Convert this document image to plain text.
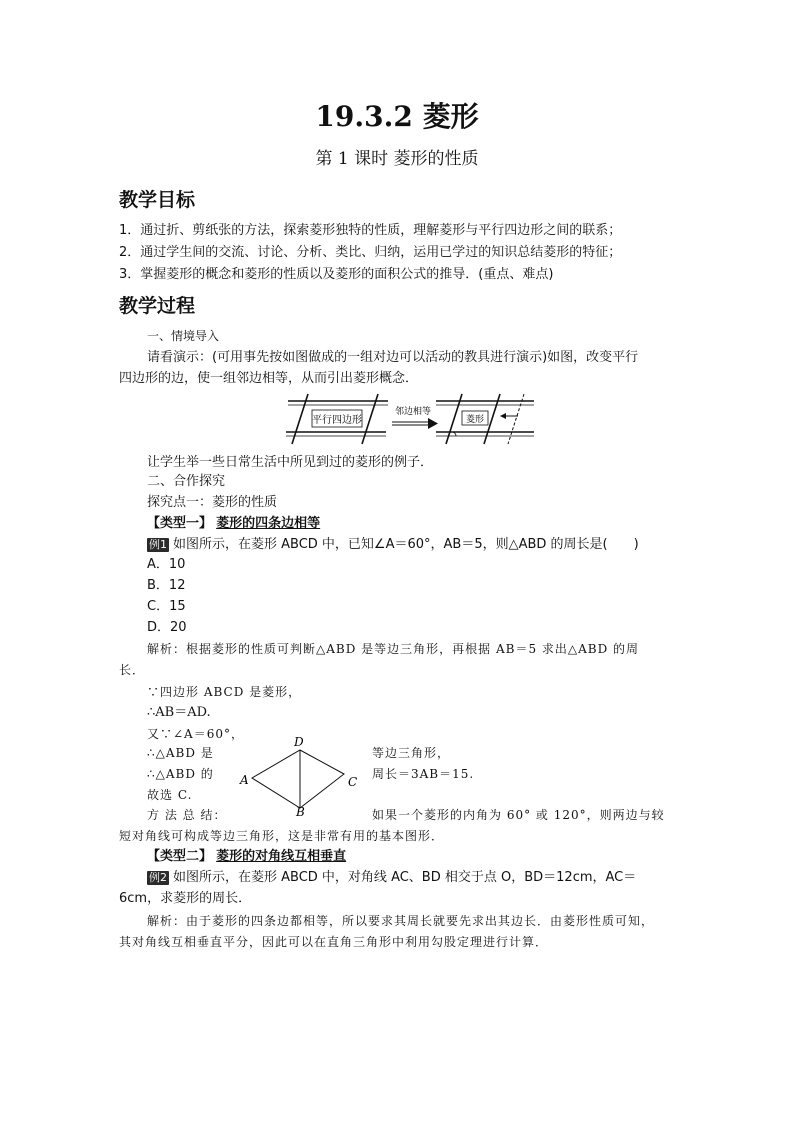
19.3.2 菱形
第 1 课时 菱形的性质
教学目标
1．通过折、剪纸张的方法，探索菱形独特的性质，理解菱形与平行四边形之间的联系；
2．通过学生间的交流、讨论、分析、类比、归纳，运用已学过的知识总结菱形的特征；
3．掌握菱形的概念和菱形的性质以及菱形的面积公式的推导．(重点、难点)
教学过程
一、情境导入
请看演示：(可用事先按如图做成的一组对边可以活动的教具进行演示)如图，改变平行
四边形的边，使一组邻边相等，从而引出菱形概念．
平行四边形
邻边相等
菱形
让学生举一些日常生活中所见到过的菱形的例子．
二、合作探究
探究点一：菱形的性质
【类型一】 菱形的四条边相等
例1 如图所示，在菱形 ABCD 中，已知∠A＝60°，AB＝5，则△ABD 的周长是(　　)
A．10
B．12
C．15
D．20
解析：根据菱形的性质可判断△ABD 是等边三角形，再根据 AB＝5 求出△ABD 的周
长．
∵四边形 ABCD 是菱形，
∴AB＝AD.
又∵∠A＝60°，
∴△ABD 是	等边三角形，
∴△ABD 的	周长＝3AB＝15.
故选 C.
D
A	C
B
方 法 总 结：	如果一个菱形的内角为 60° 或 120°，则两边与较
短对角线可构成等边三角形，这是非常有用的基本图形．
【类型二】 菱形的对角线互相垂直
例2 如图所示，在菱形 ABCD 中，对角线 AC、BD 相交于点 O，BD＝12cm，AC＝
6cm，求菱形的周长．
解析：由于菱形的四条边都相等，所以要求其周长就要先求出其边长．由菱形性质可知，
其对角线互相垂直平分，因此可以在直角三角形中利用勾股定理进行计算．
